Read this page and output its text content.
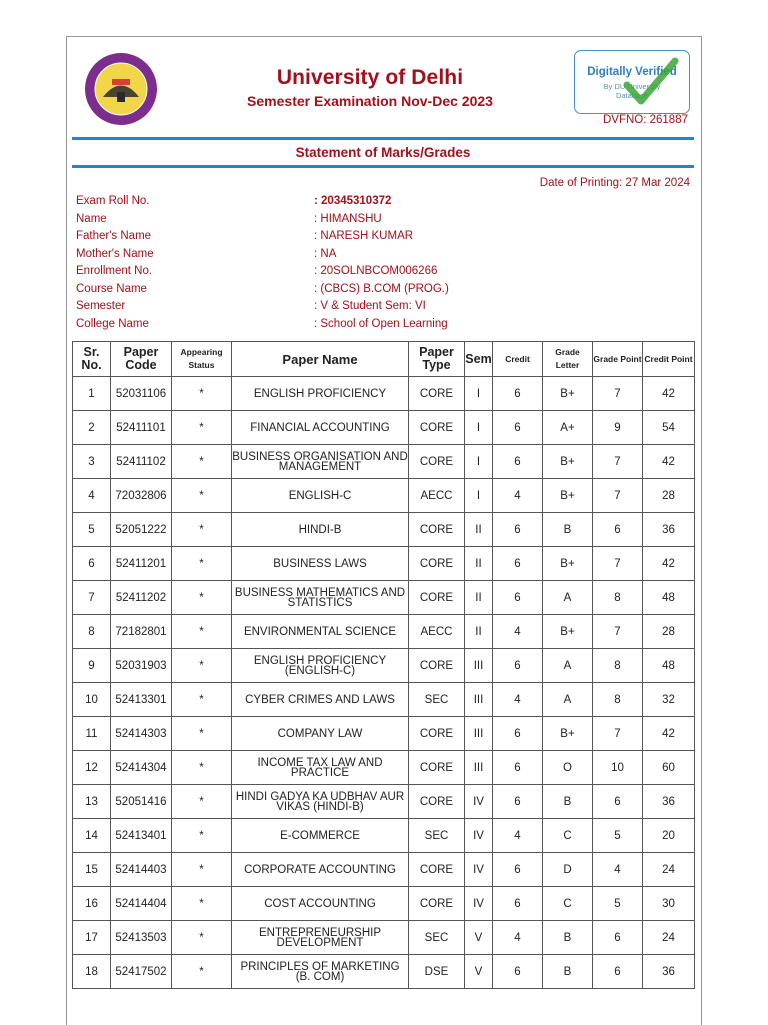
University of Delhi
Semester Examination Nov-Dec 2023
Digitally Verified
By DU University
Database
DVFNO: 261887
Statement of Marks/Grades
Date of Printing: 27 Mar 2024
Exam Roll No.	: 20345310372
Name	: HIMANSHU
Father's Name	: NARESH KUMAR
Mother's Name	: NA
Enrollment No.	: 20SOLNBCOM006266
Course Name	: (CBCS) B.COM (PROG.)
Semester	: V & Student Sem: VI
College Name	: School of Open Learning
Sr. No.	Paper Code	Appearing Status	Paper Name	Paper Type	Sem	Credit	Grade Letter	Grade Point	Credit Point
1	52031106	*	ENGLISH PROFICIENCY	CORE	I	6	B+	7	42
2	52411101	*	FINANCIAL ACCOUNTING	CORE	I	6	A+	9	54
3	52411102	*	BUSINESS ORGANISATION AND MANAGEMENT	CORE	I	6	B+	7	42
4	72032806	*	ENGLISH-C	AECC	I	4	B+	7	28
5	52051222	*	HINDI-B	CORE	II	6	B	6	36
6	52411201	*	BUSINESS LAWS	CORE	II	6	B+	7	42
7	52411202	*	BUSINESS MATHEMATICS AND STATISTICS	CORE	II	6	A	8	48
8	72182801	*	ENVIRONMENTAL SCIENCE	AECC	II	4	B+	7	28
9	52031903	*	ENGLISH PROFICIENCY (ENGLISH-C)	CORE	III	6	A	8	48
10	52413301	*	CYBER CRIMES AND LAWS	SEC	III	4	A	8	32
11	52414303	*	COMPANY LAW	CORE	III	6	B+	7	42
12	52414304	*	INCOME TAX LAW AND PRACTICE	CORE	III	6	O	10	60
13	52051416	*	HINDI GADYA KA UDBHAV AUR VIKAS (HINDI-B)	CORE	IV	6	B	6	36
14	52413401	*	E-COMMERCE	SEC	IV	4	C	5	20
15	52414403	*	CORPORATE ACCOUNTING	CORE	IV	6	D	4	24
16	52414404	*	COST ACCOUNTING	CORE	IV	6	C	5	30
17	52413503	*	ENTREPRENEURSHIP DEVELOPMENT	SEC	V	4	B	6	24
18	52417502	*	PRINCIPLES OF MARKETING (B. COM)	DSE	V	6	B	6	36
